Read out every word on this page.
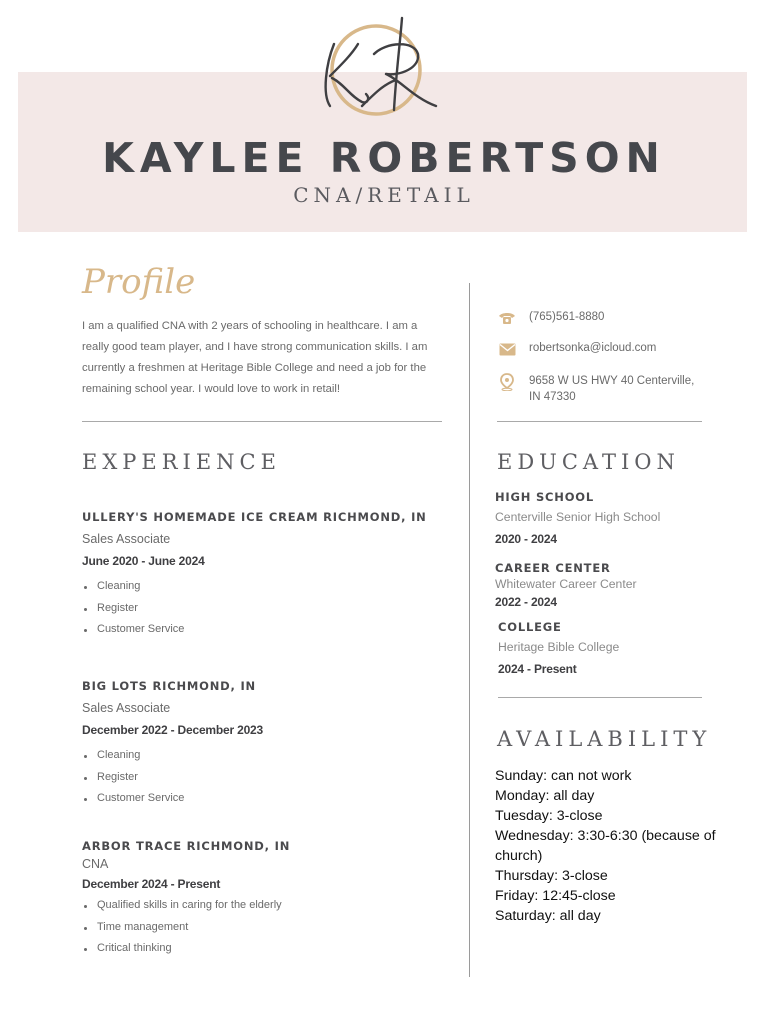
KAYLEE ROBERTSON
CNA/RETAIL
Profile
I am a qualified CNA with 2 years of schooling in healthcare. I am a really good team player, and I have strong communication skills. I am currently a freshmen at Heritage Bible College and need a job for the remaining school year. I would love to work in retail!
EXPERIENCE
ULLERY'S HOMEMADE ICE CREAM RICHMOND, IN
Sales Associate
June 2020 - June 2024
Cleaning
Register
Customer Service
BIG LOTS RICHMOND, IN
Sales Associate
December 2022 - December 2023
Cleaning
Register
Customer Service
ARBOR TRACE RICHMOND, IN
CNA
December 2024 - Present
Qualified skills in caring for the elderly
Time management
Critical thinking
(765)561-8880
robertsonka@icloud.com
9658 W US HWY 40 Centerville, IN 47330
EDUCATION
HIGH SCHOOL
Centerville Senior High School
2020 - 2024
CAREER CENTER
Whitewater Career Center
2022 - 2024
COLLEGE
Heritage Bible College
2024 - Present
AVAILABILITY
Sunday: can not work
Monday: all day
Tuesday: 3-close
Wednesday: 3:30-6:30 (because of church)
Thursday: 3-close
Friday: 12:45-close
Saturday: all day
